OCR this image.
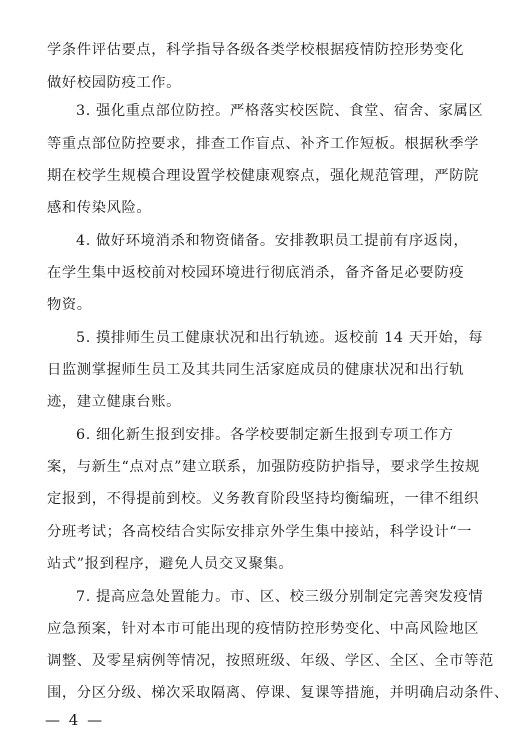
学条件评估要点，科学指导各级各类学校根据疫情防控形势变化
做好校园防疫工作。
3. 强化重点部位防控。严格落实校医院、食堂、宿舍、家属区
等重点部位防控要求，排查工作盲点、补齐工作短板。根据秋季学
期在校学生规模合理设置学校健康观察点，强化规范管理，严防院
感和传染风险。
4. 做好环境消杀和物资储备。安排教职员工提前有序返岗，
在学生集中返校前对校园环境进行彻底消杀，备齐备足必要防疫
物资。
5. 摸排师生员工健康状况和出行轨迹。返校前 14 天开始，每
日监测掌握师生员工及其共同生活家庭成员的健康状况和出行轨
迹，建立健康台账。
6. 细化新生报到安排。各学校要制定新生报到专项工作方
案，与新生“点对点”建立联系，加强防疫防护指导，要求学生按规
定报到，不得提前到校。义务教育阶段坚持均衡编班，一律不组织
分班考试；各高校结合实际安排京外学生集中接站，科学设计“一
站式”报到程序，避免人员交叉聚集。
7. 提高应急处置能力。市、区、校三级分别制定完善突发疫情
应急预案，针对本市可能出现的疫情防控形势变化、中高风险地区
调整、及零星病例等情况，按照班级、年级、学区、全区、全市等范
围，分区分级、梯次采取隔离、停课、复课等措施，并明确启动条件、
— 4 —
